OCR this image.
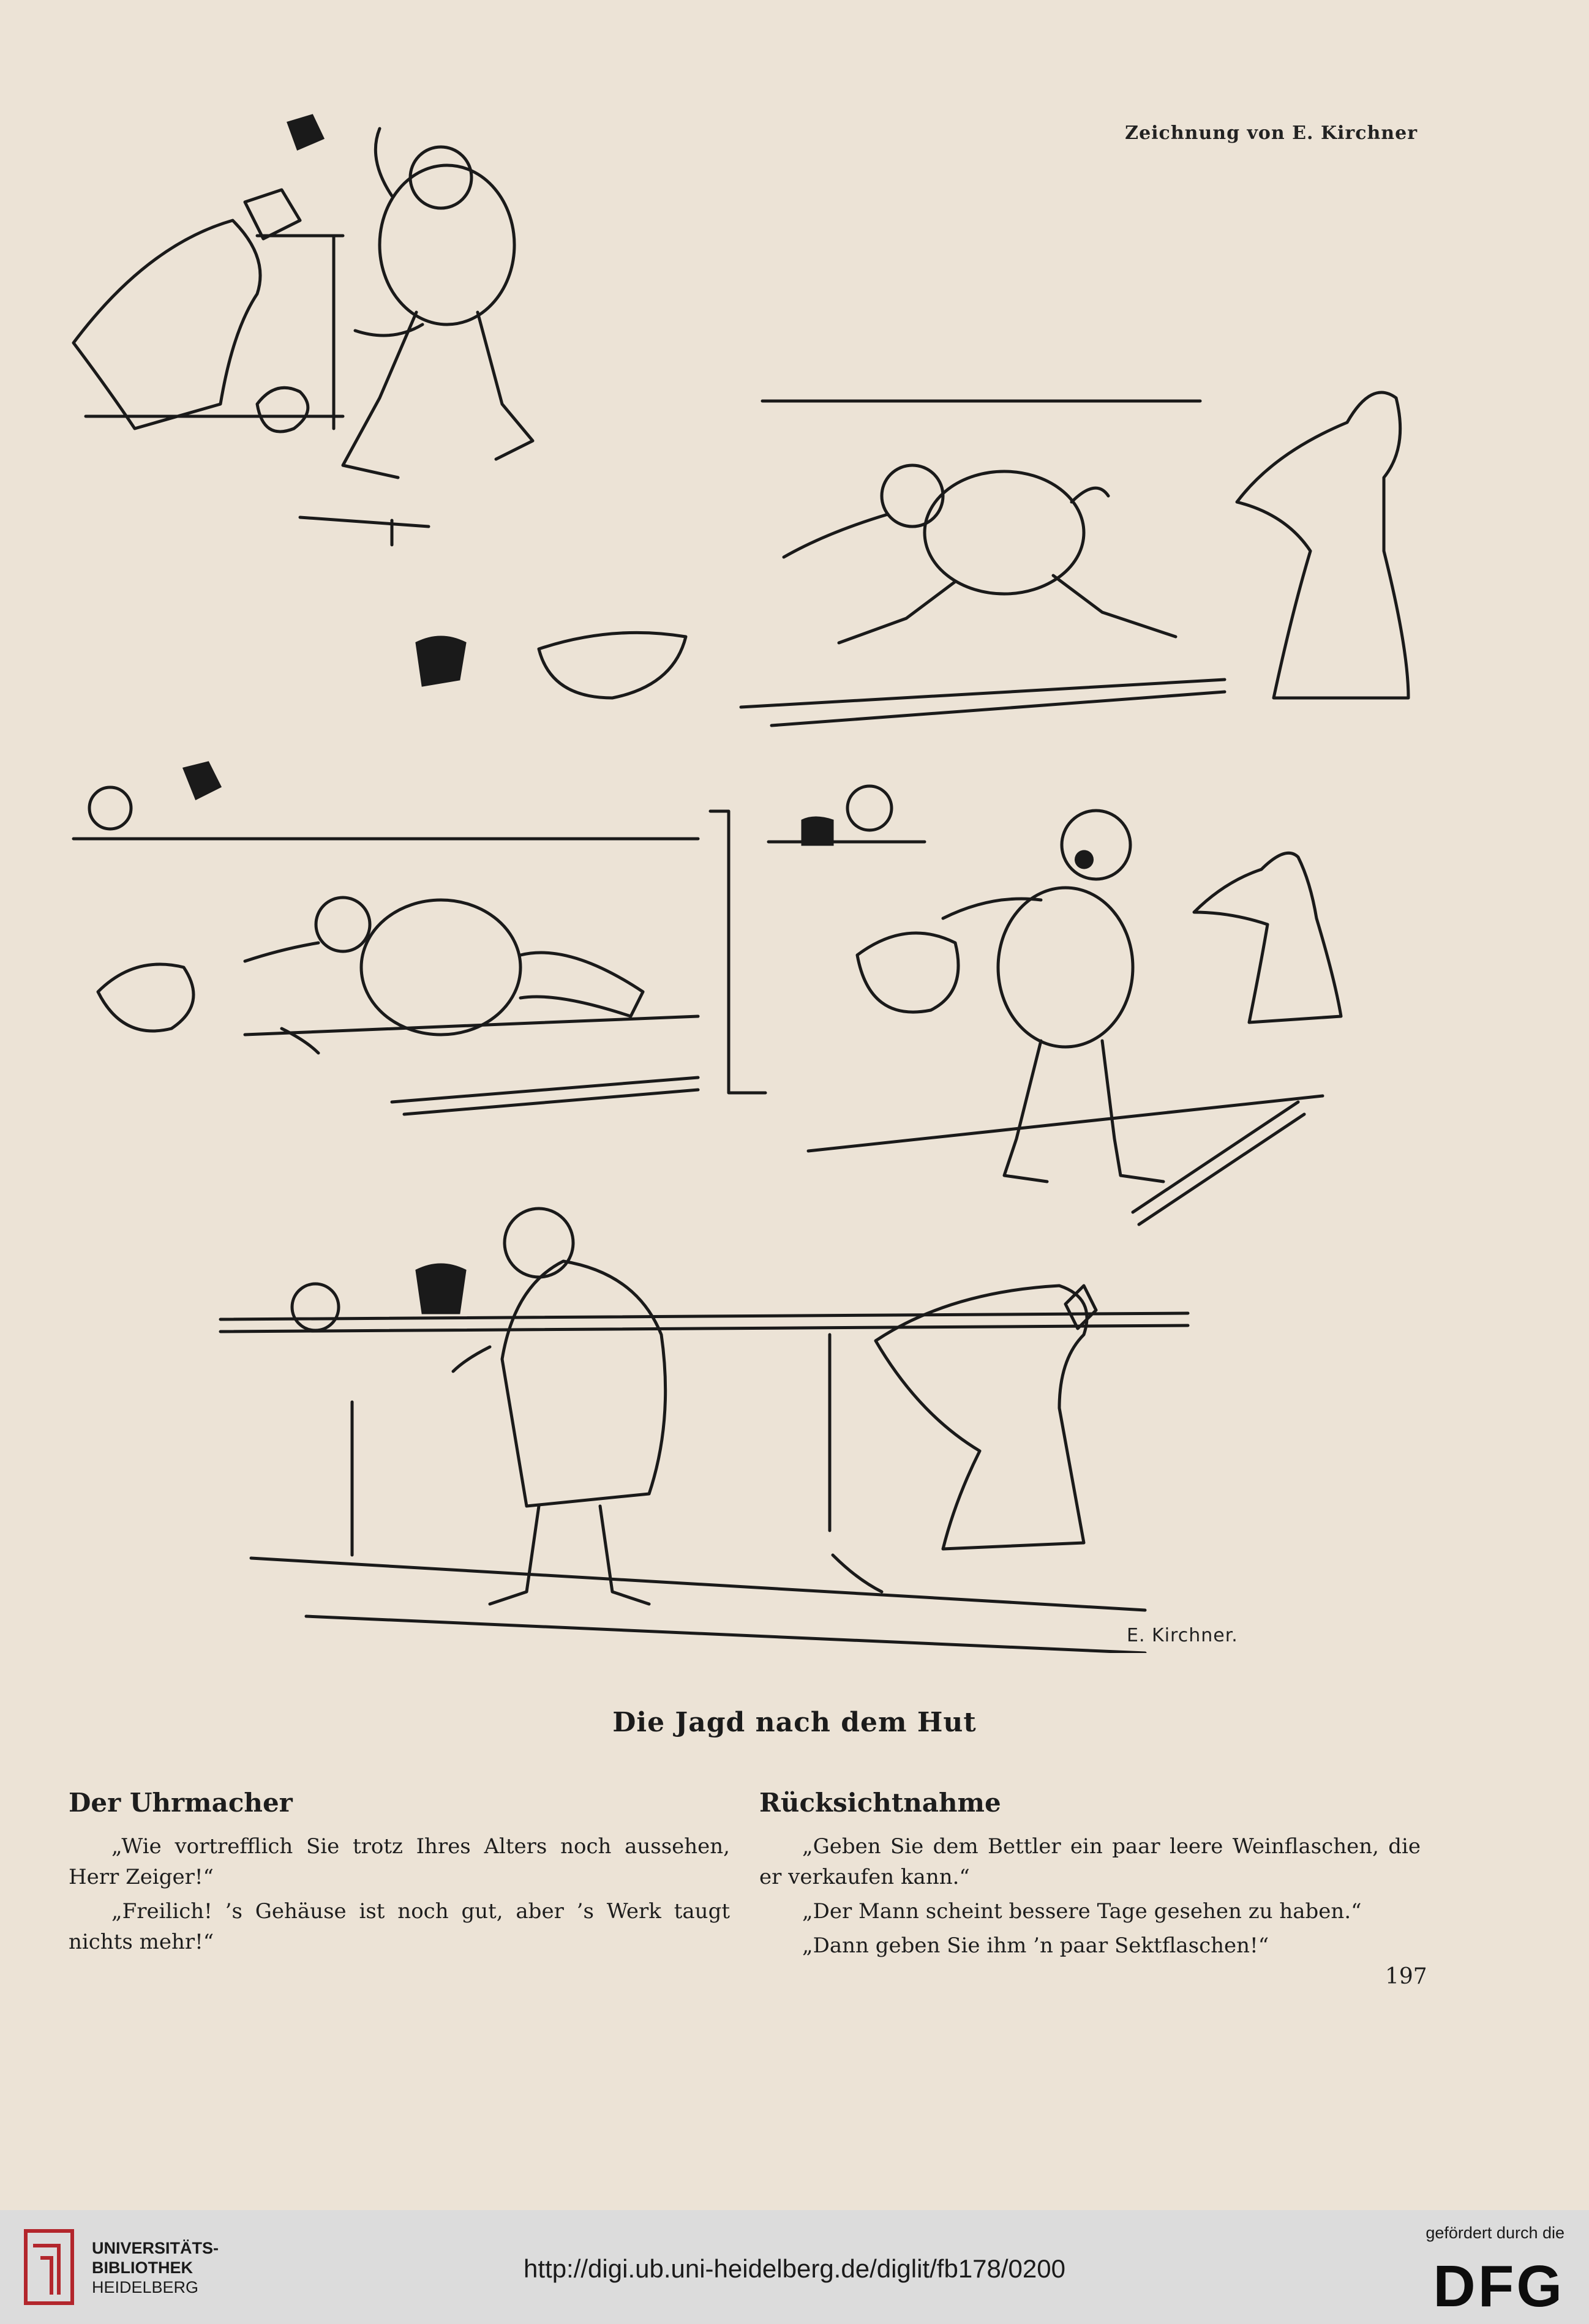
Zeichnung von E. Kirchner
E. Kirchner.
Die Jagd nach dem Hut
Der Uhrmacher

„Wie vortrefflich Sie trotz Ihres Alters noch aussehen, Herr Zeiger!“

„Freilich! ’s Gehäuse ist noch gut, aber ’s Werk taugt nichts mehr!“

Rücksichtnahme

„Geben Sie dem Bettler ein paar leere Weinflaschen, die er verkaufen kann.“

„Der Mann scheint bessere Tage gesehen zu haben.“

„Dann geben Sie ihm ’n paar Sektflaschen!“

197
UNIVERSITÄTS-
BIBLIOTHEK
HEIDELBERG
http://digi.ub.uni-heidelberg.de/diglit/fb178/0200
gefördert durch die
DFG
